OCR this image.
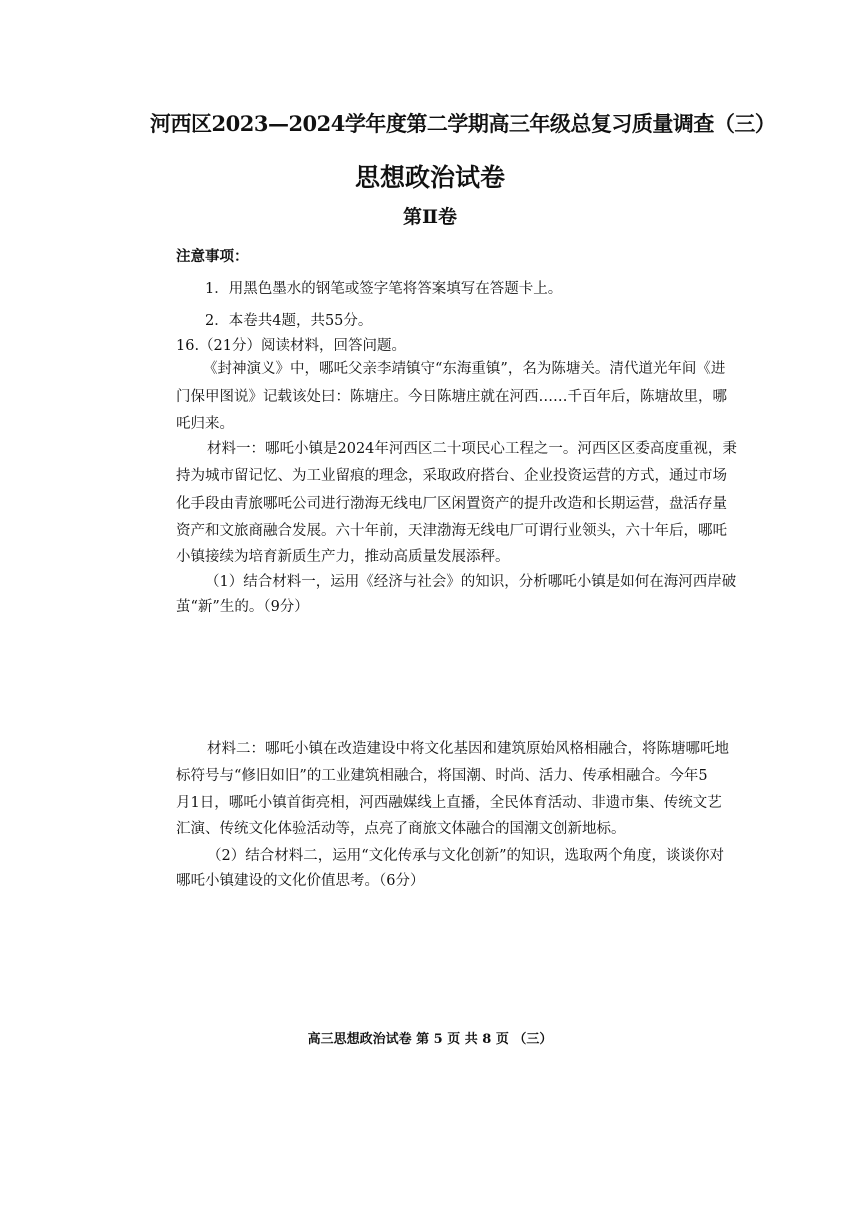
河西区2023—2024学年度第二学期高三年级总复习质量调查（三）
思想政治试卷
第Ⅱ卷
注意事项：
1．用黑色墨水的钢笔或签字笔将答案填写在答题卡上。
2．本卷共4题，共55分。
16.（21分）阅读材料，回答问题。
《封神演义》中，哪吒父亲李靖镇守“东海重镇”，名为陈塘关。清代道光年间《进
门保甲图说》记载该处曰：陈塘庄。今日陈塘庄就在河西……千百年后，陈塘故里，哪
吒归来。
材料一：哪吒小镇是2024年河西区二十项民心工程之一。河西区区委高度重视，秉
持为城市留记忆、为工业留痕的理念，采取政府搭台、企业投资运营的方式，通过市场
化手段由青旅哪吒公司进行渤海无线电厂区闲置资产的提升改造和长期运营，盘活存量
资产和文旅商融合发展。六十年前，天津渤海无线电厂可谓行业领头，六十年后，哪吒
小镇接续为培育新质生产力，推动高质量发展添秤。
（1）结合材料一，运用《经济与社会》的知识，分析哪吒小镇是如何在海河西岸破
茧“新”生的。（9分）
材料二：哪吒小镇在改造建设中将文化基因和建筑原始风格相融合，将陈塘哪吒地
标符号与“修旧如旧”的工业建筑相融合，将国潮、时尚、活力、传承相融合。今年5
月1日，哪吒小镇首街亮相，河西融媒线上直播，全民体育活动、非遗市集、传统文艺
汇演、传统文化体验活动等，点亮了商旅文体融合的国潮文创新地标。
（2）结合材料二，运用“文化传承与文化创新”的知识，选取两个角度，谈谈你对
哪吒小镇建设的文化价值思考。（6分）
高三思想政治试卷 第 5 页 共 8 页 （三）
